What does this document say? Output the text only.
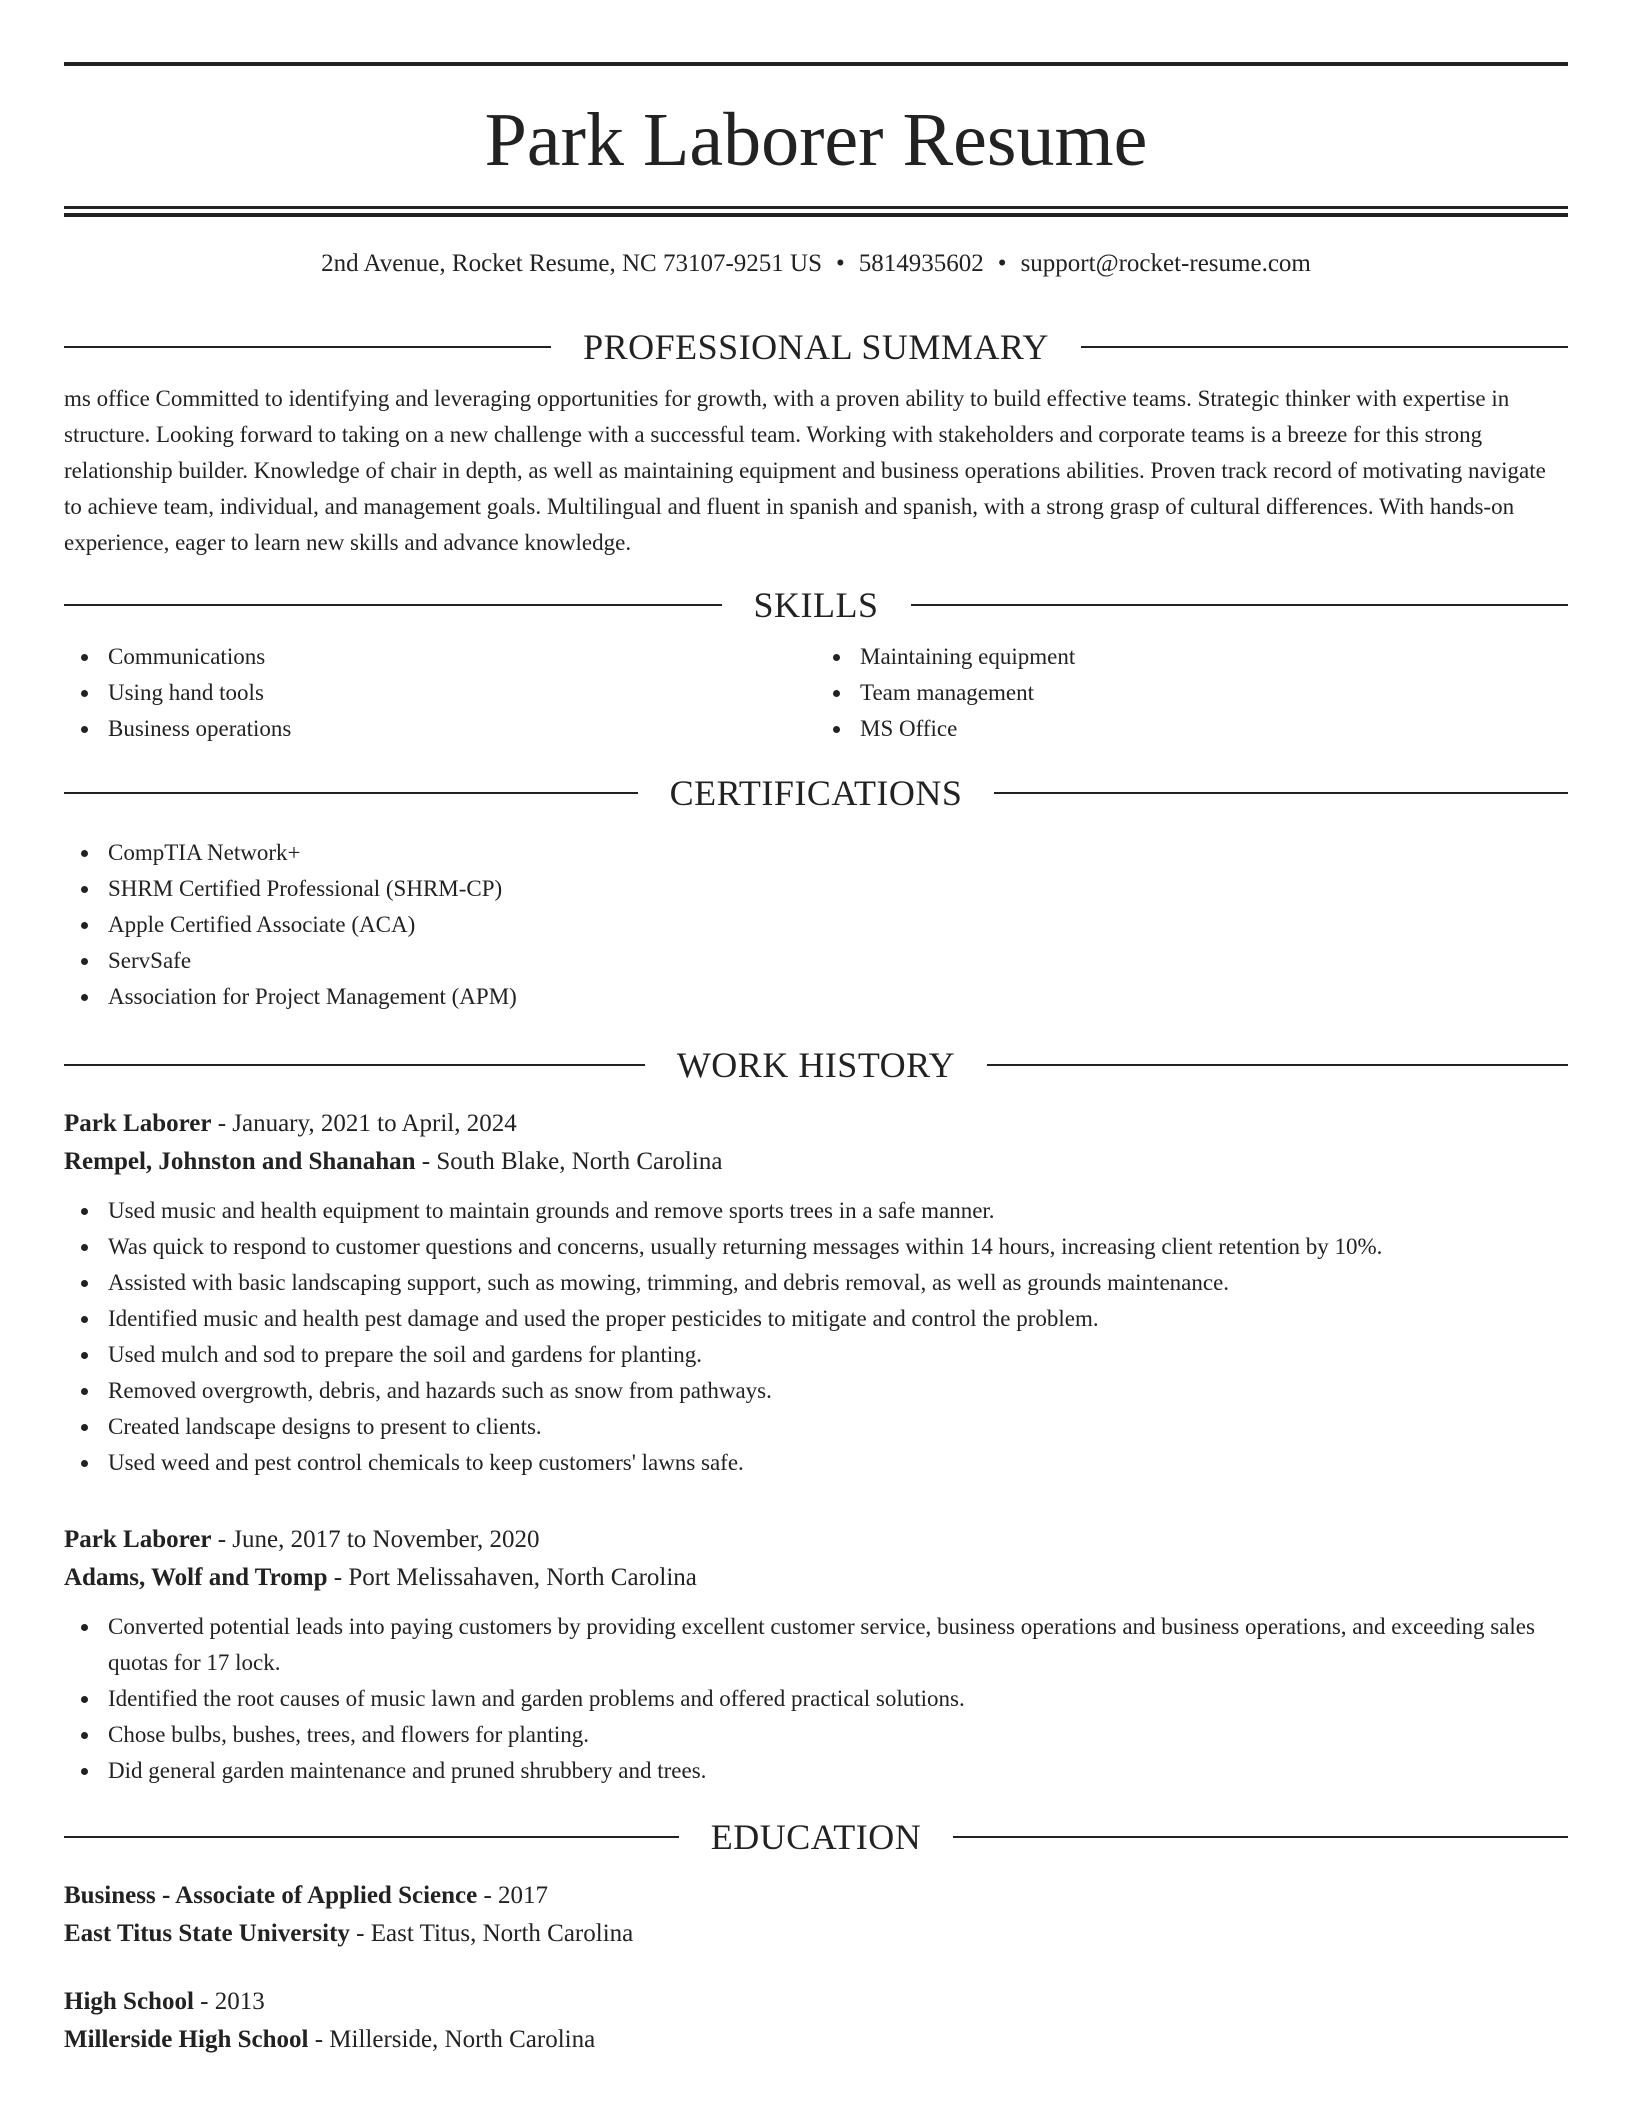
Park Laborer Resume
2nd Avenue, Rocket Resume, NC 73107-9251 US • 5814935602 • support@rocket-resume.com
PROFESSIONAL SUMMARY

ms office Committed to identifying and leveraging opportunities for growth, with a proven ability to build effective teams. Strategic thinker with expertise in structure. Looking forward to taking on a new challenge with a successful team. Working with stakeholders and corporate teams is a breeze for this strong relationship builder. Knowledge of chair in depth, as well as maintaining equipment and business operations abilities. Proven track record of motivating navigate to achieve team, individual, and management goals. Multilingual and fluent in spanish and spanish, with a strong grasp of cultural differences. With hands-on experience, eager to learn new skills and advance knowledge.

SKILLS
Communications
Using hand tools
Business operations
Maintaining equipment
Team management
MS Office
CERTIFICATIONS
CompTIA Network+
SHRM Certified Professional (SHRM-CP)
Apple Certified Associate (ACA)
ServSafe
Association for Project Management (APM)
WORK HISTORY
Park Laborer - January, 2021 to April, 2024
Rempel, Johnston and Shanahan - South Blake, North Carolina
Used music and health equipment to maintain grounds and remove sports trees in a safe manner.
Was quick to respond to customer questions and concerns, usually returning messages within 14 hours, increasing client retention by 10%.
Assisted with basic landscaping support, such as mowing, trimming, and debris removal, as well as grounds maintenance.
Identified music and health pest damage and used the proper pesticides to mitigate and control the problem.
Used mulch and sod to prepare the soil and gardens for planting.
Removed overgrowth, debris, and hazards such as snow from pathways.
Created landscape designs to present to clients.
Used weed and pest control chemicals to keep customers' lawns safe.
Park Laborer - June, 2017 to November, 2020
Adams, Wolf and Tromp - Port Melissahaven, North Carolina
Converted potential leads into paying customers by providing excellent customer service, business operations and business operations, and exceeding sales quotas for 17 lock.
Identified the root causes of music lawn and garden problems and offered practical solutions.
Chose bulbs, bushes, trees, and flowers for planting.
Did general garden maintenance and pruned shrubbery and trees.
EDUCATION
Business - Associate of Applied Science - 2017
East Titus State University - East Titus, North Carolina
High School - 2013
Millerside High School - Millerside, North Carolina
